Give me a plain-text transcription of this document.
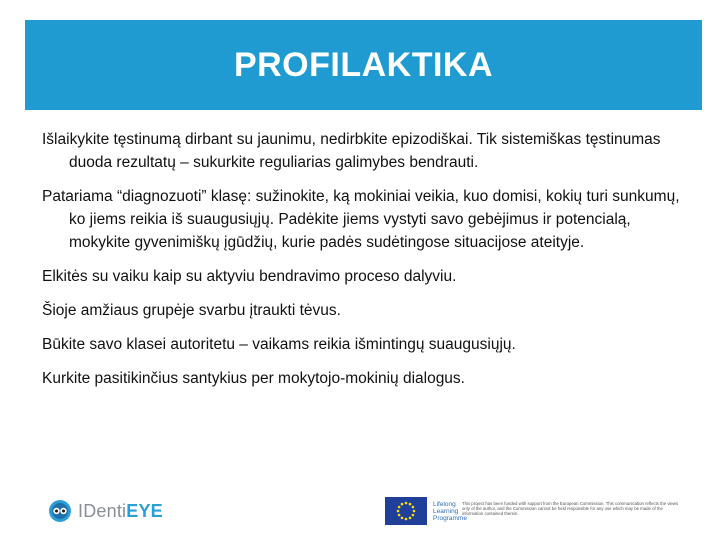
PROFILAKTIKA

Išlaikykite tęstinumą dirbant su jaunimu, nedirbkite epizodiškai. Tik sistemiškas tęstinumas duoda rezultatų – sukurkite reguliarias galimybes bendrauti.

Patariama “diagnozuoti” klasę: sužinokite, ką mokiniai veikia, kuo domisi, kokių turi sunkumų, ko jiems reikia iš suaugusiųjų. Padėkite jiems vystyti savo gebėjimus ir potencialą, mokykite gyvenimiškų įgūdžių, kurie padės sudėtingose situacijose ateityje.

Elkitės su vaiku kaip su aktyviu bendravimo proceso dalyviu.

Šioje amžiaus grupėje svarbu įtraukti tėvus.

Būkite savo klasei autoritetu – vaikams reikia išmintingų suaugusiųjų.

Kurkite pasitikinčius santykius per mokytojo-mokinių dialogus.

IDentiEYE	Lifelong
Learning
Programme
This project has been funded with support from the European Commission. This communication reflects the views only of the author, and the Commission cannot be held responsible for any use which may be made of the information contained therein.
